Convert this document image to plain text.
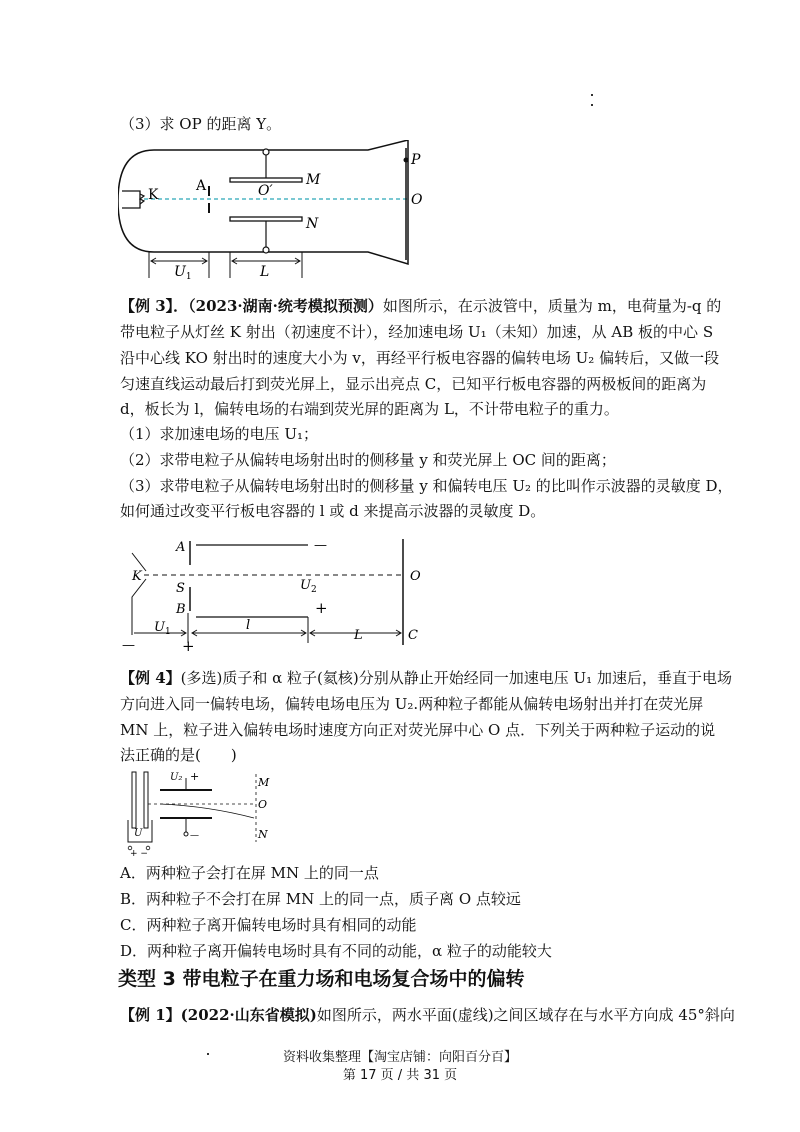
（3）求 OP 的距离 Y。
K
A	M
O′
N
P
O
$U_1$	L
【例 3】．（2023·湖南·统考模拟预测）如图所示，在示波管中，质量为 m，电荷量为-q 的
带电粒子从灯丝 K 射出（初速度不计），经加速电场 U₁（未知）加速，从 AB 板的中心 S
沿中心线 KO 射出时的速度大小为 v，再经平行板电容器的偏转电场 U₂ 偏转后，又做一段
匀速直线运动最后打到荧光屏上，显示出亮点 C，已知平行板电容器的两极板间的距离为
d，板长为 l，偏转电场的右端到荧光屏的距离为 L，不计带电粒子的重力。
（1）求加速电场的电压 U₁；
（2）求带电粒子从偏转电场射出时的侧移量 y 和荧光屏上 OC 间的距离；
（3）求带电粒子从偏转电场射出时的侧移量 y 和偏转电压 U₂ 的比叫作示波器的灵敏度 D，
如何通过改变平行板电容器的 l 或 d 来提高示波器的灵敏度 D。
A
K
S	$U_2$
B
O
—
+
—
$U_1$
+
l
L	C
【例 4】(多选)质子和 α 粒子(氦核)分别从静止开始经同一加速电压 U₁ 加速后，垂直于电场
方向进入同一偏转电场，偏转电场电压为 U₂.两种粒子都能从偏转电场射出并打在荧光屏
MN 上，粒子进入偏转电场时速度方向正对荧光屏中心 O 点．下列关于两种粒子运动的说
法正确的是(　　)
U₂ +	M
O
N
U	—
+ −
A．两种粒子会打在屏 MN 上的同一点
B．两种粒子不会打在屏 MN 上的同一点，质子离 O 点较远
C．两种粒子离开偏转电场时具有相同的动能
D．两种粒子离开偏转电场时具有不同的动能，α 粒子的动能较大
类型 3 带电粒子在重力场和电场复合场中的偏转
【例 1】(2022·山东省模拟)如图所示，两水平面(虚线)之间区域存在与水平方向成 45°斜向
资料收集整理【淘宝店铺：向阳百分百】
第 17 页 / 共 31 页
